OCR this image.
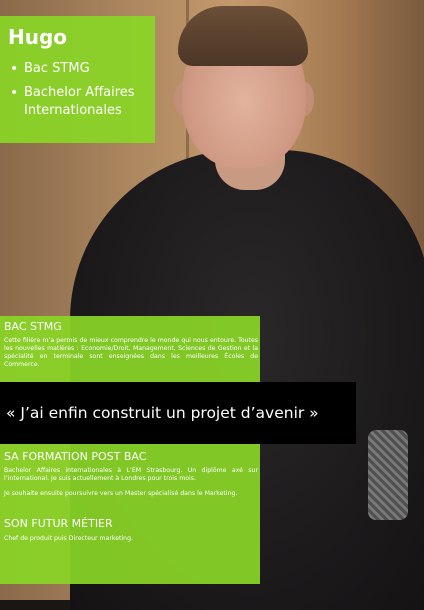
Hugo
• Bac STMG
• Bachelor Affaires Internationales
BAC STMG
Cette filière m’a permis de mieux comprendre le monde qui nous entoure. Toutes les nouvelles matières : Economie/Droit, Management, Sciences de Gestion et la spécialité en terminale sont enseignées dans les meilleures Écoles de Commerce.
SA FORMATION POST BAC
Bachelor Affaires internationales à L’EM Strasbourg. Un diplôme axé sur l’international. Je suis actuellement à Londres pour trois mois.
Je souhaite ensuite poursuivre vers un Master spécialisé dans le Marketing.
SON FUTUR MÉTIER
Chef de produit puis Directeur marketing.
« J’ai enfin construit un projet d’avenir »
